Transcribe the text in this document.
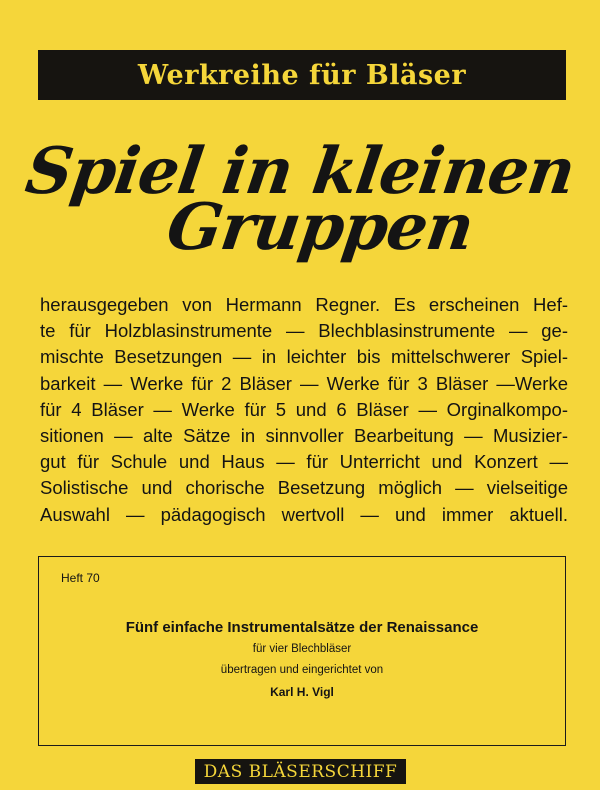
Werkreihe für Bläser
Spiel in kleinen
Gruppen
herausgegeben von Hermann Regner. Es erscheinen Hef-
te für Holzblasinstrumente — Blechblasinstrumente — ge-
mischte Besetzungen — in leichter bis mittelschwerer Spiel-
barkeit — Werke für 2 Bläser — Werke für 3 Bläser —Werke
für 4 Bläser — Werke für 5 und 6 Bläser — Orginalkompo-
sitionen — alte Sätze in sinnvoller Bearbeitung — Musizier-
gut für Schule und Haus — für Unterricht und Konzert —
Solistische und chorische Besetzung möglich — vielseitige
Auswahl — pädagogisch wertvoll — und immer aktuell.
Heft 70
Fünf einfache Instrumentalsätze der Renaissance
für vier Blechbläser
übertragen und eingerichtet von
Karl H. Vigl
DAS BLÄSERSCHIFF
